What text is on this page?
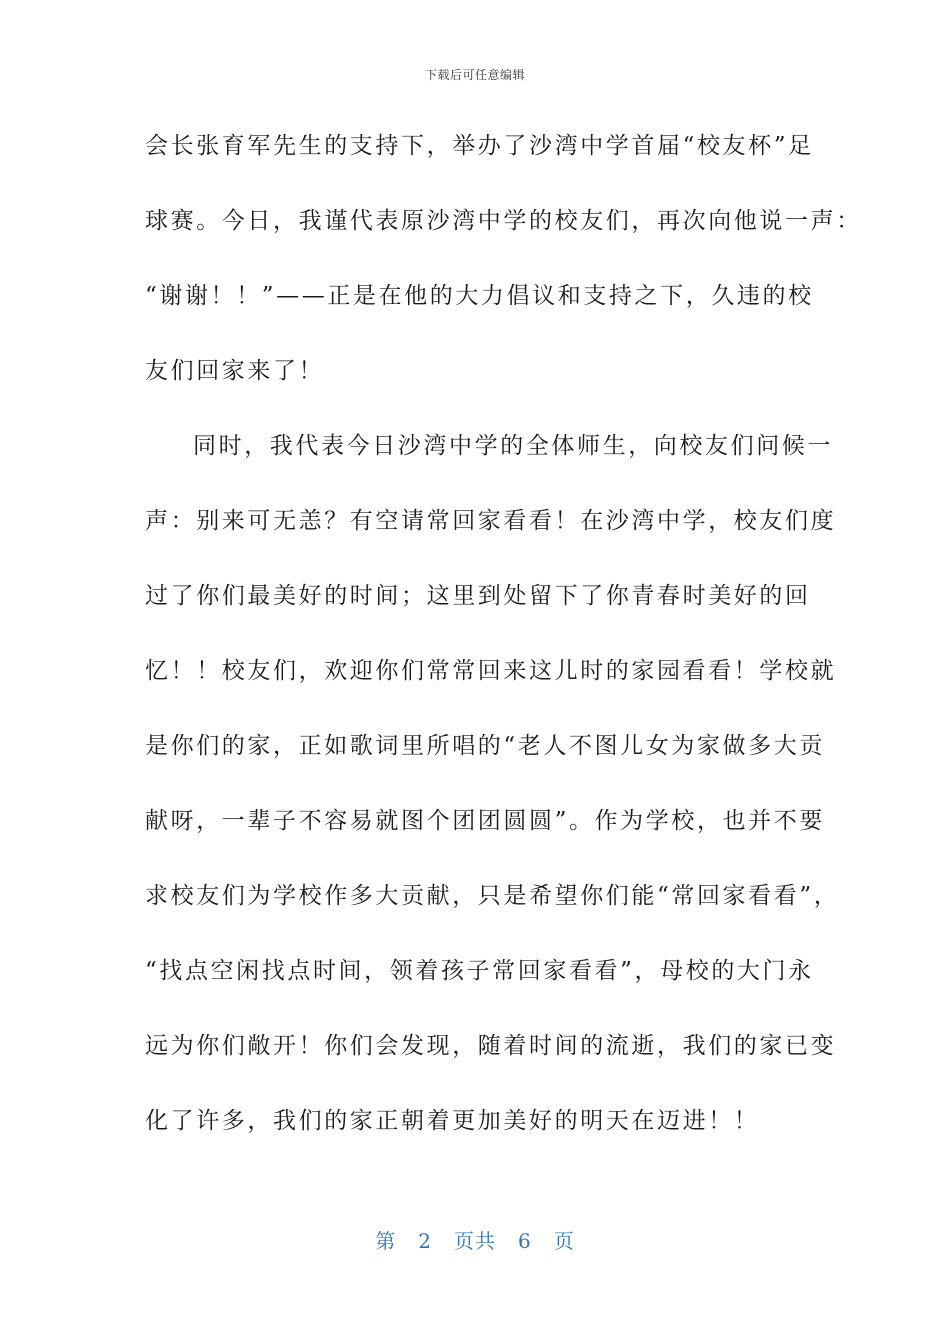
下载后可任意编辑
会长张育军先生的支持下，举办了沙湾中学首届“校友杯”足
球赛。今日，我谨代表原沙湾中学的校友们，再次向他说一声：
“谢谢！！”——正是在他的大力倡议和支持之下，久违的校
友们回家来了！
同时，我代表今日沙湾中学的全体师生，向校友们问候一
声：别来可无恙？有空请常回家看看！在沙湾中学，校友们度
过了你们最美好的时间；这里到处留下了你青春时美好的回
忆！！校友们，欢迎你们常常回来这儿时的家园看看！学校就
是你们的家，正如歌词里所唱的“老人不图儿女为家做多大贡
献呀，一辈子不容易就图个团团圆圆”。作为学校，也并不要
求校友们为学校作多大贡献，只是希望你们能“常回家看看”，
“找点空闲找点时间，领着孩子常回家看看”，母校的大门永
远为你们敞开！你们会发现，随着时间的流逝，我们的家已变
化了许多，我们的家正朝着更加美好的明天在迈进！！
第 2 页共 6 页
